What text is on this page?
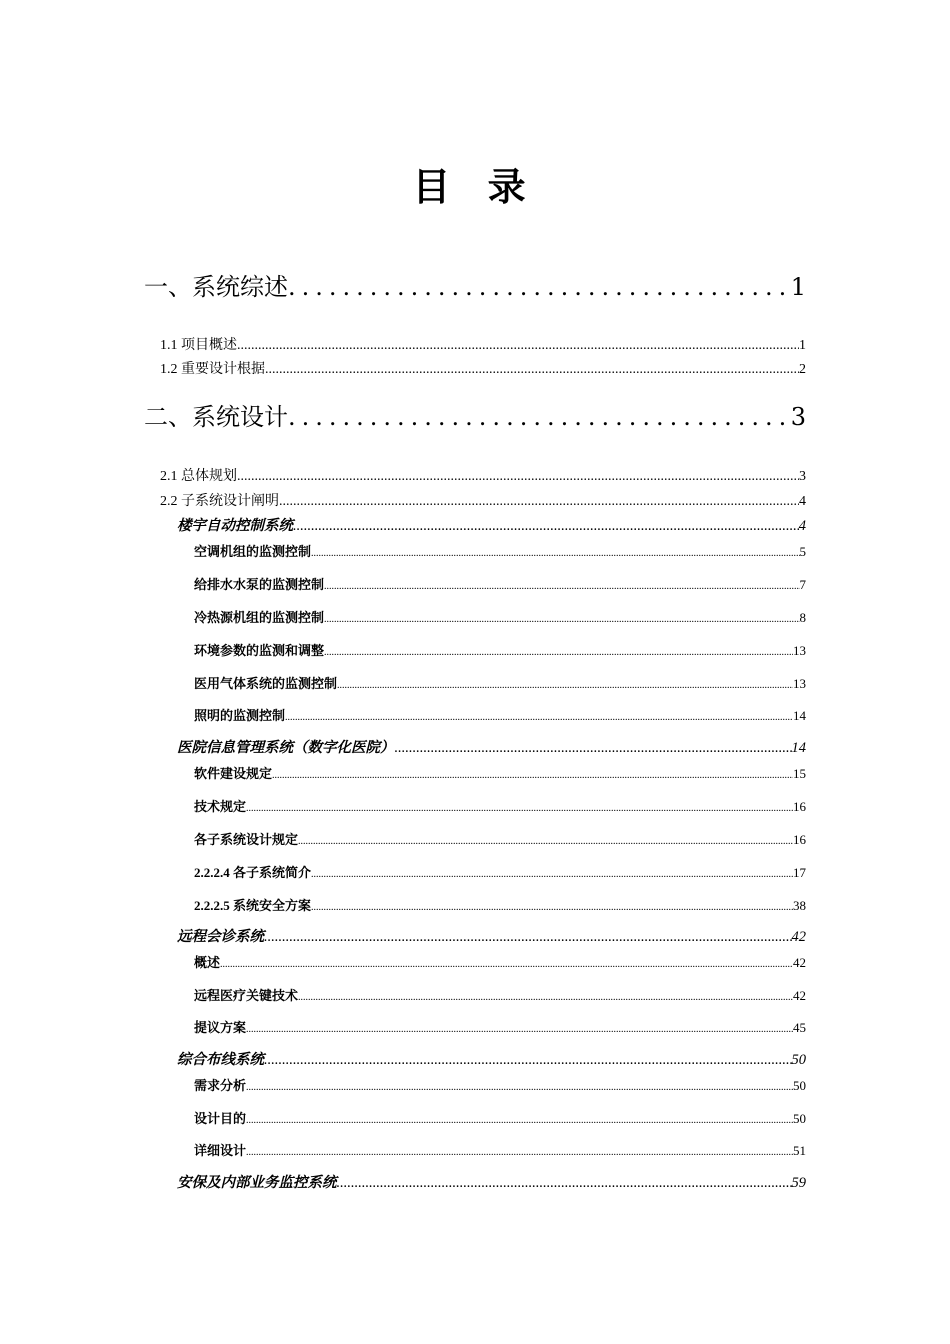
目 录
一、系统综述 .....	1
1.1 项目概述 .....	1
1.2 重要设计根据 .....	2
二、系统设计 .....	3
2.1 总体规划 .....	3
2.2 子系统设计阐明 .....	4
楼宇自动控制系统 .....	4
空调机组的监测控制 .....	5
给排水水泵的监测控制 .....	7
冷热源机组的监测控制 .....	8
环境参数的监测和调整 .....	13
医用气体系统的监测控制 .....	13
照明的监测控制 .....	14
医院信息管理系统（数字化医院） .....	14
软件建设规定 .....	15
技术规定 .....	16
各子系统设计规定 .....	16
2.2.2.4 各子系统简介 .....	17
2.2.2.5 系统安全方案 .....	38
远程会诊系统 .....	42
概述 .....	42
远程医疗关键技术 .....	42
提议方案 .....	45
综合布线系统 .....	50
需求分析 .....	50
设计目的 .....	50
详细设计 .....	51
安保及内部业务监控系统 .....	59
